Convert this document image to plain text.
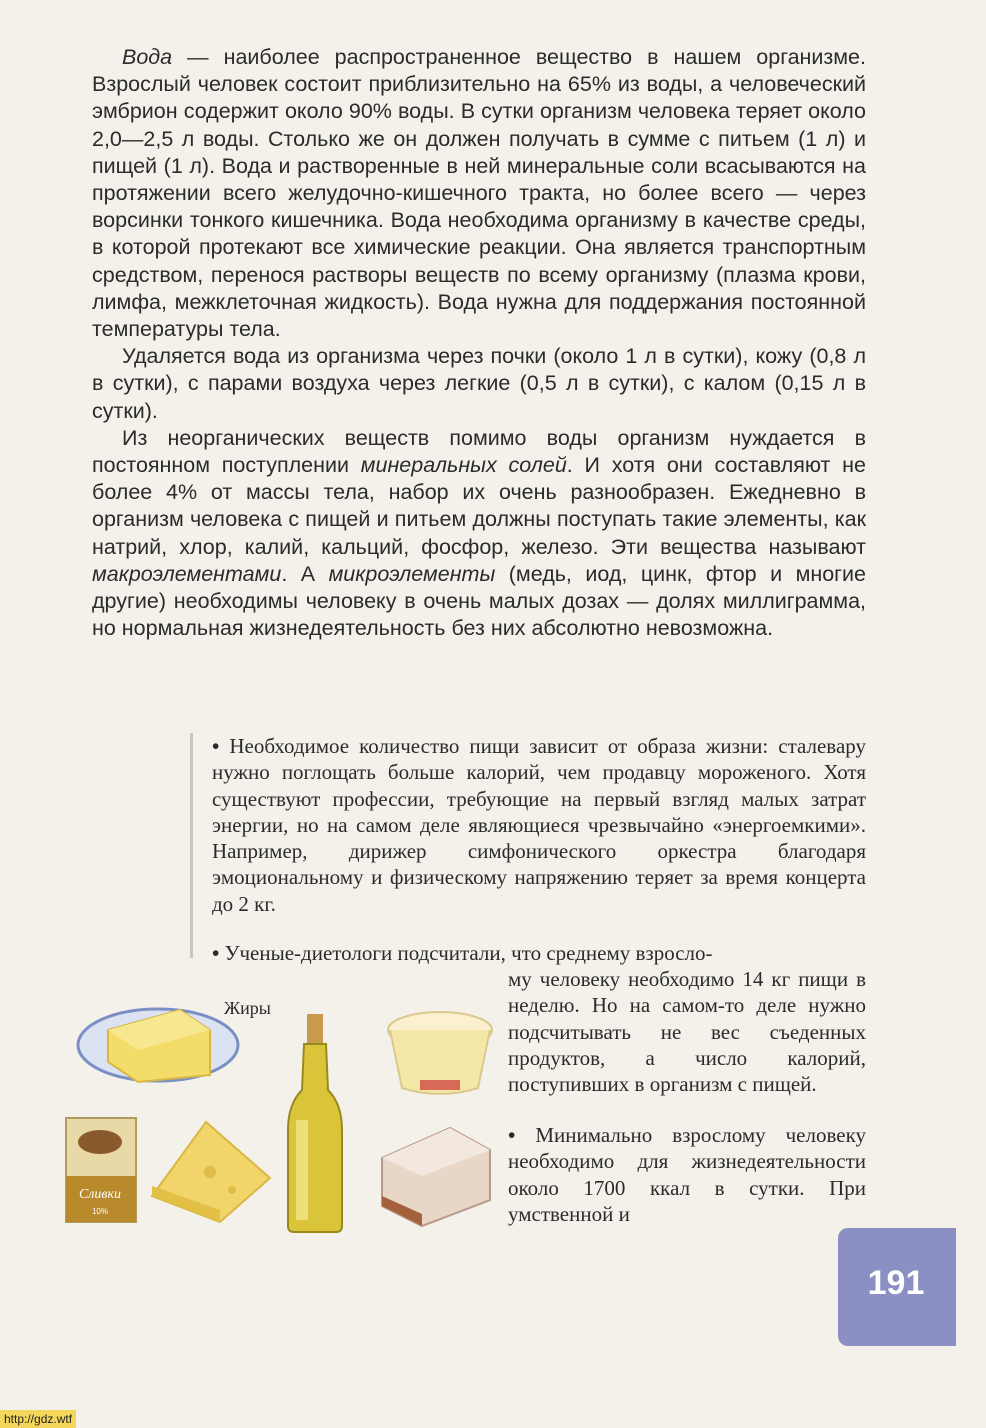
Вода — наиболее распространенное вещество в нашем организме. Взрослый человек состоит приблизительно на 65% из воды, а человеческий эмбрион содержит около 90% воды. В сутки организм человека теряет около 2,0—2,5 л воды. Столько же он должен получать в сумме с питьем (1 л) и пищей (1 л). Вода и растворенные в ней минеральные соли всасываются на протяжении всего желудочно-кишечного тракта, но более всего — через ворсинки тонкого кишечника. Вода необходима организму в качестве среды, в которой протекают все химические реакции. Она является транспортным средством, перенося растворы веществ по всему организму (плазма крови, лимфа, межклеточная жидкость). Вода нужна для поддержания постоянной температуры тела.

Удаляется вода из организма через почки (около 1 л в сутки), кожу (0,8 л в сутки), с парами воздуха через легкие (0,5 л в сутки), с калом (0,15 л в сутки).

Из неорганических веществ помимо воды организм нуждается в постоянном поступлении минеральных солей. И хотя они составляют не более 4% от массы тела, набор их очень разнообразен. Ежедневно в организм человека с пищей и питьем должны поступать такие элементы, как натрий, хлор, калий, кальций, фосфор, железо. Эти вещества называют макроэлементами. А микроэлементы (медь, иод, цинк, фтор и многие другие) необходимы человеку в очень малых дозах — долях миллиграмма, но нормальная жизнедеятельность без них абсолютно невозможна.

• Необходимое количество пищи зависит от образа жизни: сталевару нужно поглощать больше калорий, чем продавцу мороженого. Хотя существуют профессии, требующие на первый взгляд малых затрат энергии, но на самом деле являющиеся чрезвычайно «энергоемкими». Например, дирижер симфонического оркестра благодаря эмоциональному и физическому напряжению теряет за время концерта до 2 кг.

• Ученые-диетологи подсчитали, что среднему взросло-

му человеку необходимо 14 кг пищи в неделю. Но на самом-то деле нужно подсчитывать не вес съеденных продуктов, а число калорий, поступивших в организм с пищей.

• Минимально взрослому человеку необходимо для жизнедеятельности около 1700 ккал в сутки. При умственной и

Жиры
Сливки
10%
191
http://gdz.wtf
